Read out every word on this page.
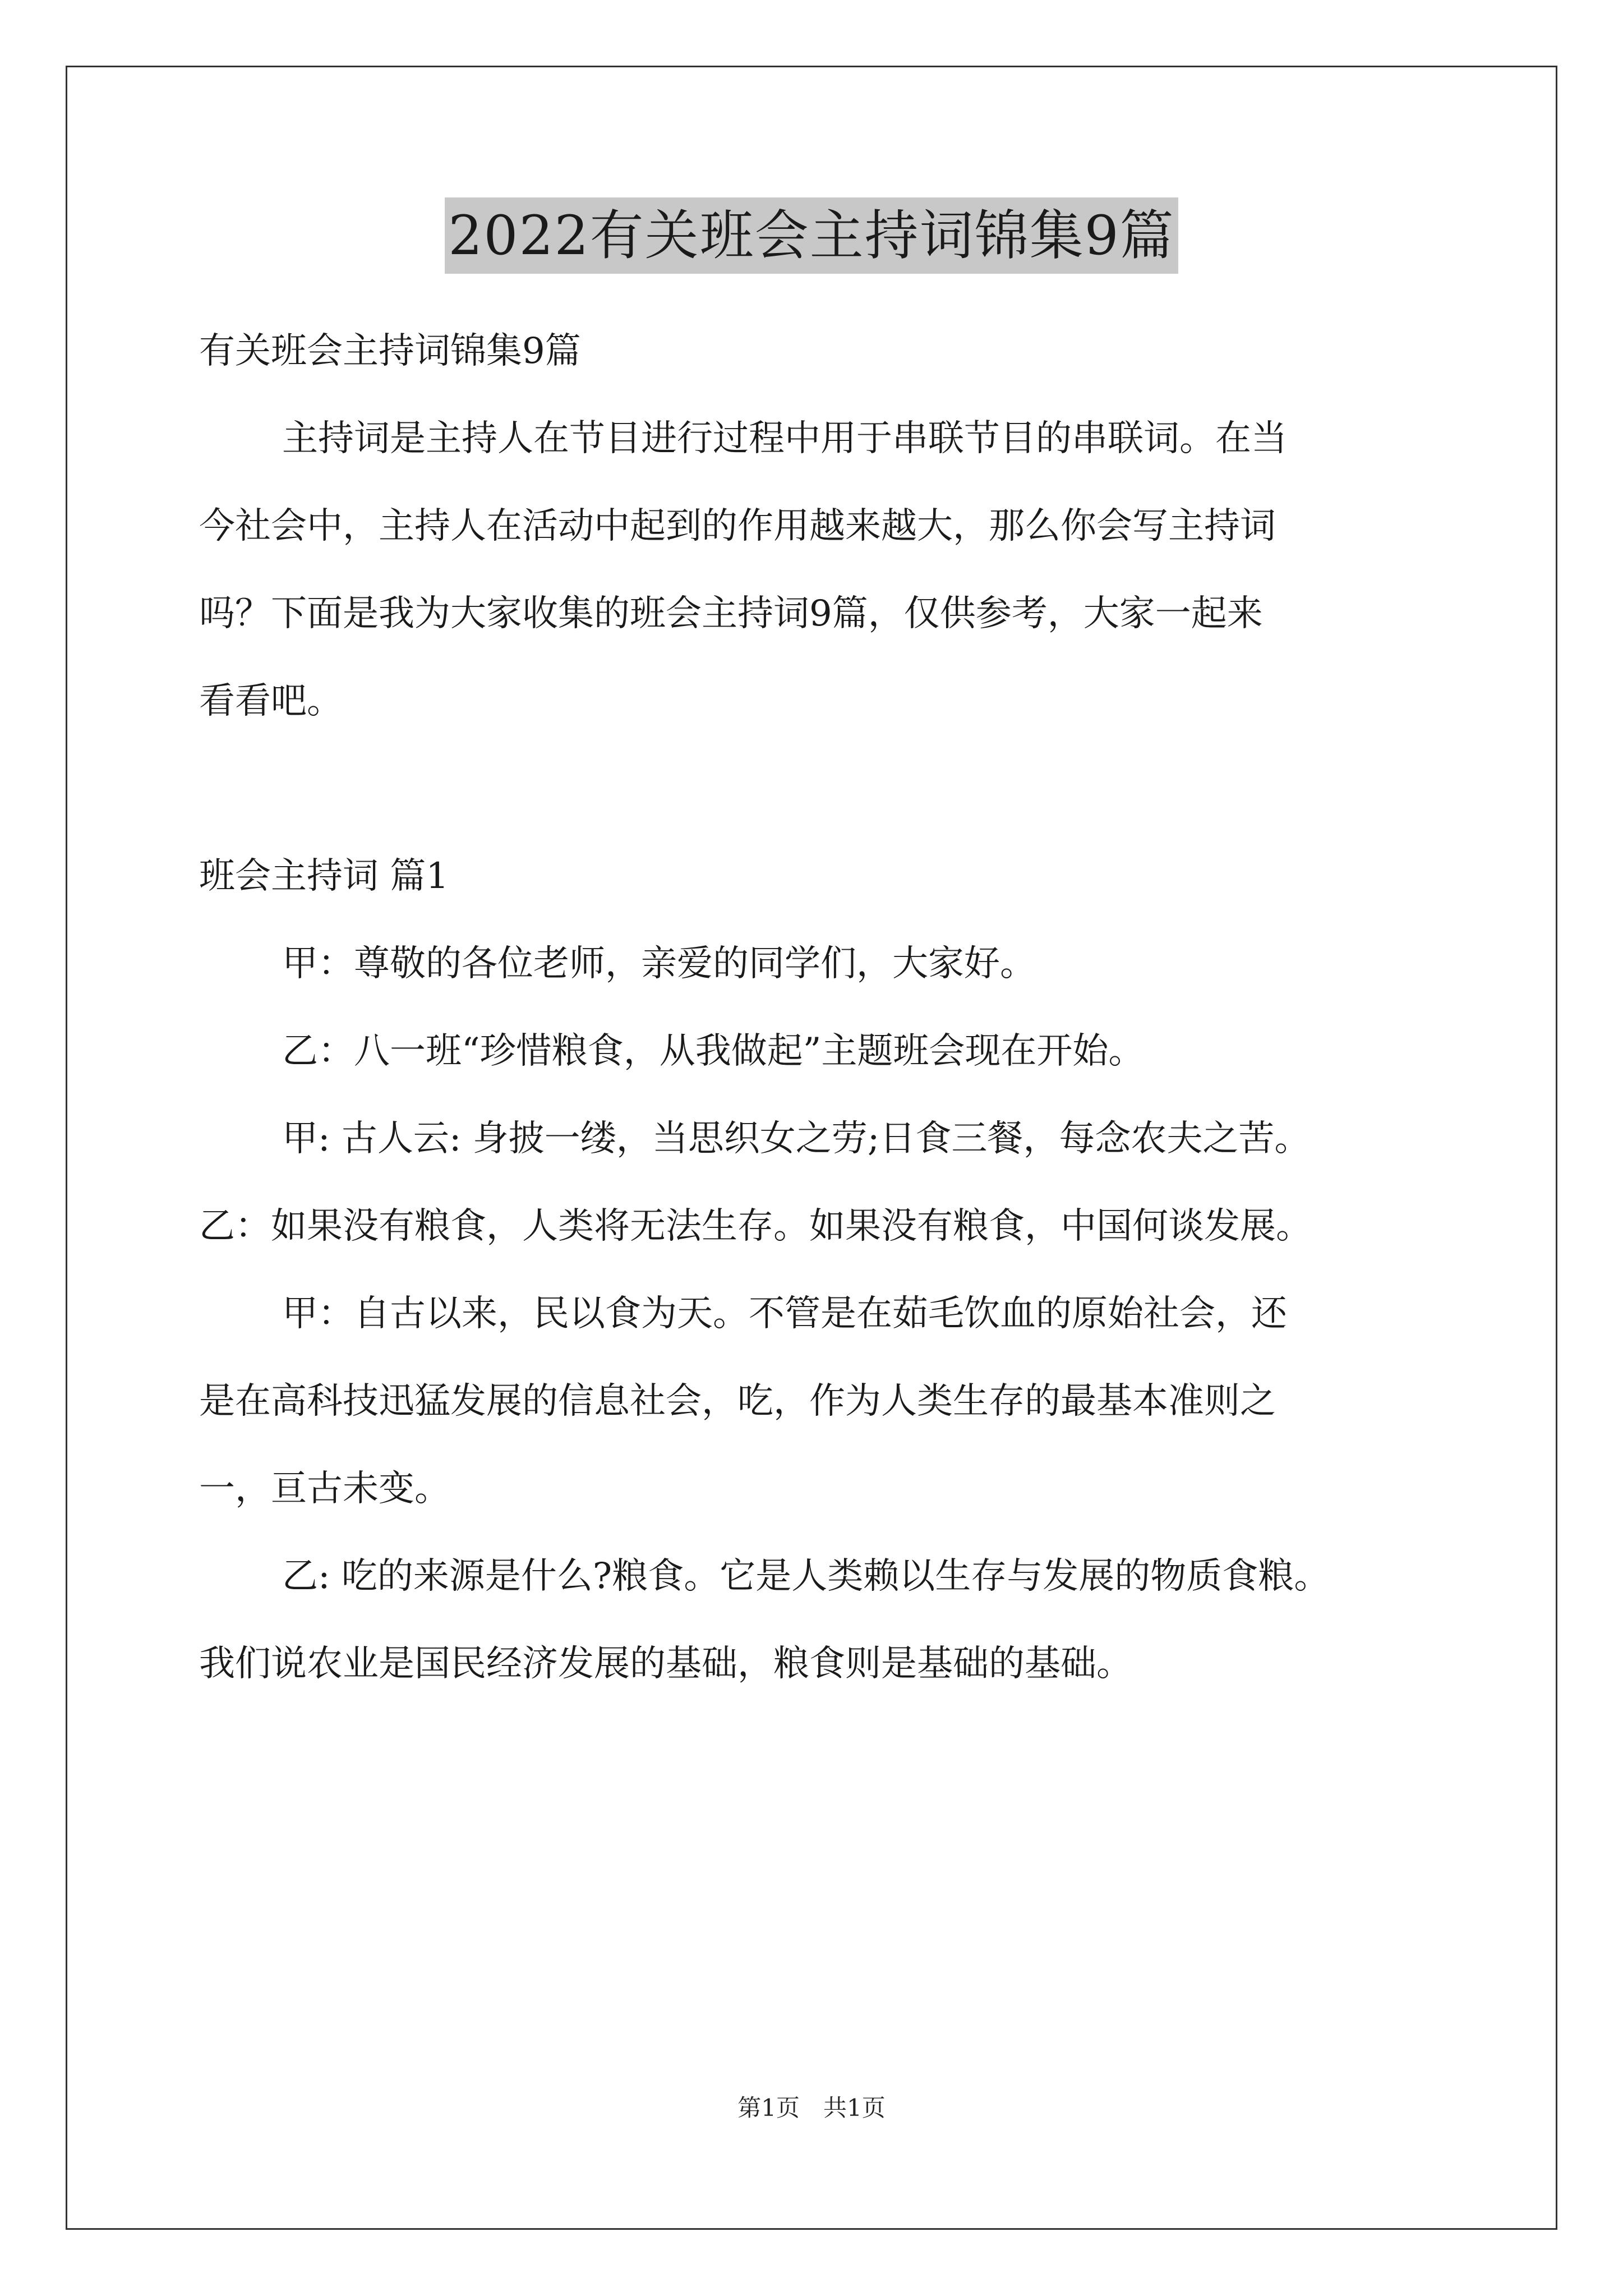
2022有关班会主持词锦集9篇

有关班会主持词锦集9篇

主持词是主持人在节目进行过程中用于串联节目的串联词。在当

今社会中，主持人在活动中起到的作用越来越大，那么你会写主持词

吗？下面是我为大家收集的班会主持词9篇，仅供参考，大家一起来

看看吧。

班会主持词 篇1

甲：尊敬的各位老师，亲爱的同学们，大家好。

乙：八一班“珍惜粮食，从我做起”主题班会现在开始。

甲: 古人云: 身披一缕，当思织女之劳;日食三餐，每念农夫之苦。

乙：如果没有粮食，人类将无法生存。如果没有粮食，中国何谈发展。

甲：自古以来，民以食为天。不管是在茹毛饮血的原始社会，还

是在高科技迅猛发展的信息社会，吃，作为人类生存的最基本准则之

一，亘古未变。

乙: 吃的来源是什么?粮食。它是人类赖以生存与发展的物质食粮。

我们说农业是国民经济发展的基础，粮食则是基础的基础。

第1页　共1页
